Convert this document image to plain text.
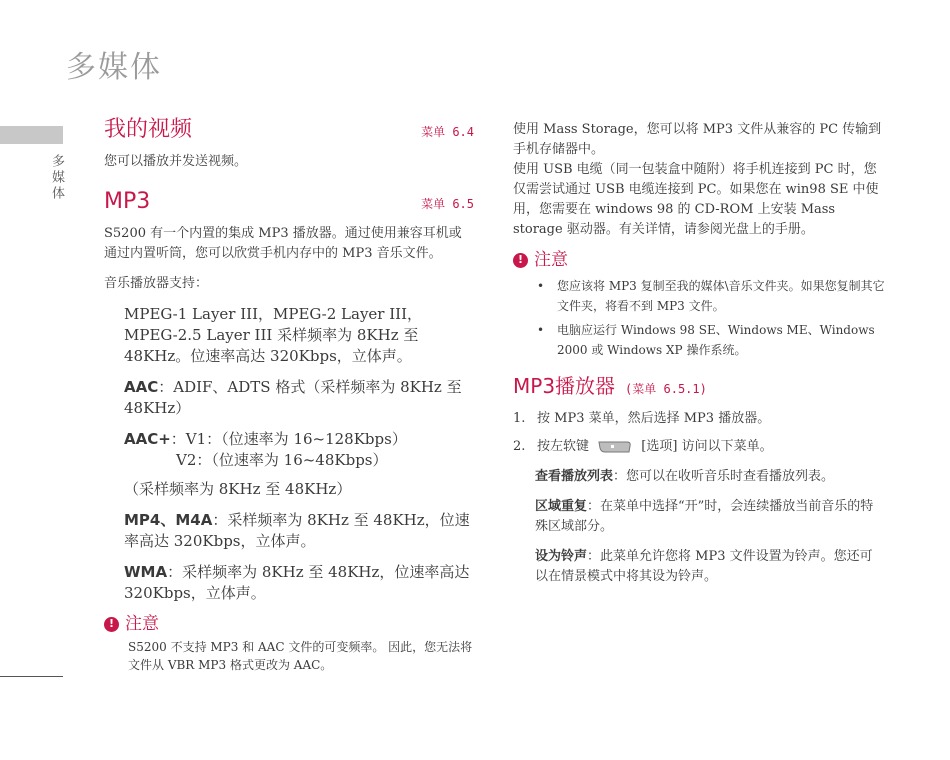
多媒体
多媒体
我的视频	菜单 6.4

您可以播放并发送视频。

MP3	菜单 6.5

S5200 有一个内置的集成 MP3 播放器。通过使用兼容耳机或通过内置听筒，您可以欣赏手机内存中的 MP3 音乐文件。

音乐播放器支持：

MPEG-1 Layer III，MPEG-2 Layer III，MPEG-2.5 Layer III 采样频率为 8KHz 至 48KHz。位速率高达 320Kbps，立体声。

AAC：ADIF、ADTS 格式（采样频率为 8KHz 至 48KHz）

AAC+：V1：（位速率为 16~128Kbps）

V2：（位速率为 16~48Kbps）

（采样频率为 8KHz 至 48KHz）

MP4、M4A：采样频率为 8KHz 至 48KHz，位速率高达 320Kbps，立体声。

WMA：采样频率为 8KHz 至 48KHz，位速率高达 320Kbps，立体声。

! 注意

S5200 不支持 MP3 和 AAC 文件的可变频率。 因此，您无法将文件从 VBR MP3 格式更改为 AAC。

使用 Mass Storage，您可以将 MP3 文件从兼容的 PC 传输到手机存储器中。

使用 USB 电缆（同一包装盒中随附）将手机连接到 PC 时，您仅需尝试通过 USB 电缆连接到 PC。如果您在 win98 SE 中使用，您需要在 windows 98 的 CD-ROM 上安装 Mass storage 驱动器。有关详情，请参阅光盘上的手册。

! 注意
• 您应该将 MP3 复制至我的媒体\音乐文件夹。如果您复制其它文件夹，将看不到 MP3 文件。
• 电脑应运行 Windows 98 SE、Windows ME、Windows 2000 或 Windows XP 操作系统。
MP3播放器 (菜单 6.5.1)
1. 按 MP3 菜单，然后选择 MP3 播放器。
2. 按左软键	[选项] 访问以下菜单。

查看播放列表：您可以在收听音乐时查看播放列表。

区域重复：在菜单中选择“开”时，会连续播放当前音乐的特殊区域部分。

设为铃声：此菜单允许您将 MP3 文件设置为铃声。您还可以在情景模式中将其设为铃声。
